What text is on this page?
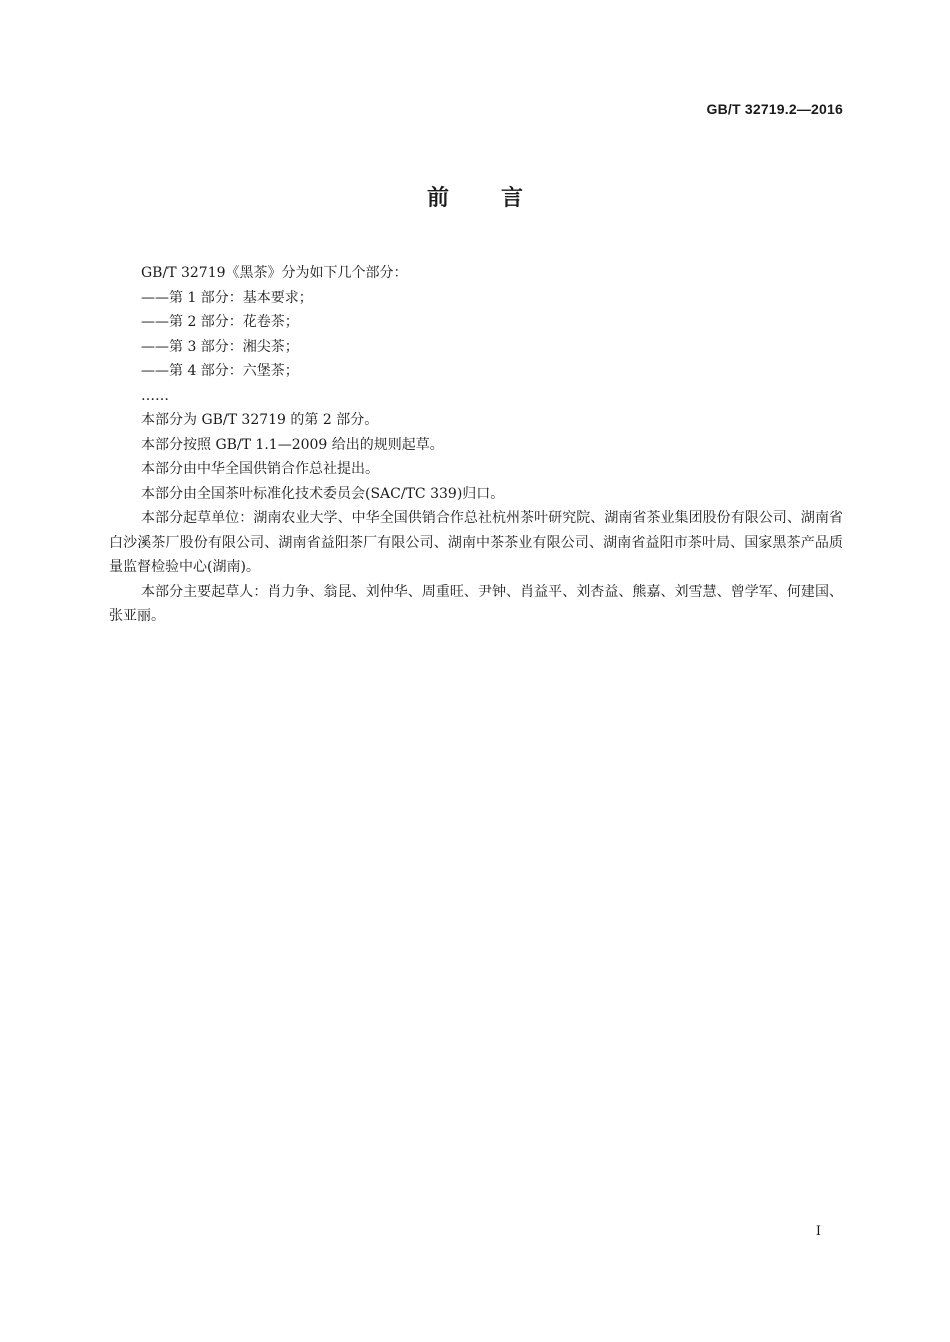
GB/T 32719.2—2016
前言

GB/T 32719《黑茶》分为如下几个部分：

——第 1 部分：基本要求；

——第 2 部分：花卷茶；

——第 3 部分：湘尖茶；

——第 4 部分：六堡茶；

……

本部分为 GB/T 32719 的第 2 部分。

本部分按照 GB/T 1.1—2009 给出的规则起草。

本部分由中华全国供销合作总社提出。

本部分由全国茶叶标准化技术委员会(SAC/TC 339)归口。

本部分起草单位：湖南农业大学、中华全国供销合作总社杭州茶叶研究院、湖南省茶业集团股份有限公司、湖南省白沙溪茶厂股份有限公司、湖南省益阳茶厂有限公司、湖南中茶茶业有限公司、湖南省益阳市茶叶局、国家黑茶产品质量监督检验中心(湖南)。

本部分主要起草人：肖力争、翁昆、刘仲华、周重旺、尹钟、肖益平、刘杏益、熊嘉、刘雪慧、曾学军、何建国、张亚丽。

I
